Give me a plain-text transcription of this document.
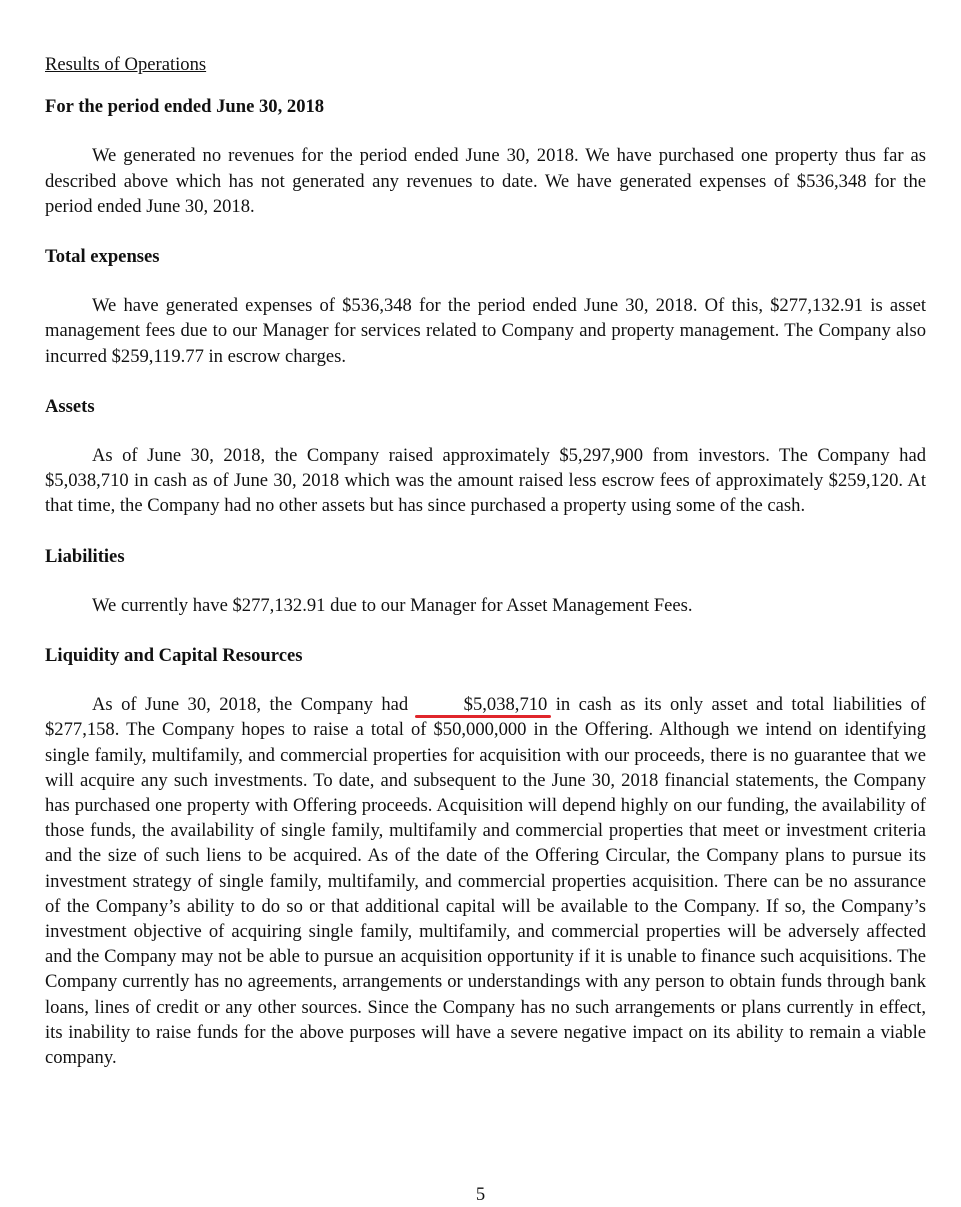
Results of Operations
For the period ended June 30, 2018

We generated no revenues for the period ended June 30, 2018. We have purchased one property thus far as described above which has not generated any revenues to date. We have generated expenses of $536,348 for the period ended June 30, 2018.

Total expenses

We have generated expenses of $536,348 for the period ended June 30, 2018. Of this, $277,132.91 is asset management fees due to our Manager for services related to Company and property management. The Company also incurred $259,119.77 in escrow charges.

Assets

As of June 30, 2018, the Company raised approximately $5,297,900 from investors. The Company had $5,038,710 in cash as of June 30, 2018 which was the amount raised less escrow fees of approximately $259,120. At that time, the Company had no other assets but has since purchased a property using some of the cash.

Liabilities

We currently have $277,132.91 due to our Manager for Asset Management Fees.

Liquidity and Capital Resources

As of June 30, 2018, the Company had	$5,038,710 in cash as its only asset and total liabilities of $277,158. The Company hopes to raise a total of $50,000,000 in the Offering. Although we intend on identifying single family, multifamily, and commercial properties for acquisition with our proceeds, there is no guarantee that we will acquire any such investments. To date, and subsequent to the June 30, 2018 financial statements, the Company has purchased one property with Offering proceeds. Acquisition will depend highly on our funding, the availability of those funds, the availability of single family, multifamily and commercial properties that meet or investment criteria and the size of such liens to be acquired. As of the date of the Offering Circular, the Company plans to pursue its investment strategy of single family, multifamily, and commercial properties acquisition. There can be no assurance of the Company’s ability to do so or that additional capital will be available to the Company. If so, the Company’s investment objective of acquiring single family, multifamily, and commercial properties will be adversely affected and the Company may not be able to pursue an acquisition opportunity if it is unable to finance such acquisitions. The Company currently has no agreements, arrangements or understandings with any person to obtain funds through bank loans, lines of credit or any other sources. Since the Company has no such arrangements or plans currently in effect, its inability to raise funds for the above purposes will have a severe negative impact on its ability to remain a viable company.

5
